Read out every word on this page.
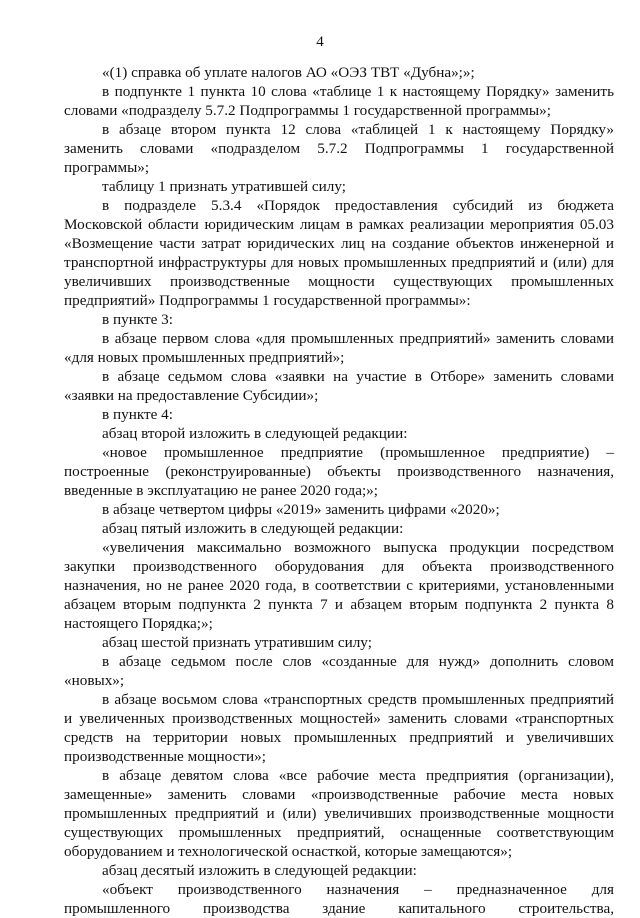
4

«(1) справка об уплате налогов АО «ОЭЗ ТВТ «Дубна»;»;

в подпункте 1 пункта 10 слова «таблице 1 к настоящему Порядку» заменить словами «подразделу 5.7.2 Подпрограммы 1 государственной программы»;

в абзаце втором пункта 12 слова «таблицей 1 к настоящему Порядку» заменить словами «подразделом 5.7.2 Подпрограммы 1 государственной программы»;

таблицу 1 признать утратившей силу;

в подразделе 5.3.4 «Порядок предоставления субсидий из бюджета Московской области юридическим лицам в рамках реализации мероприятия 05.03 «Возмещение части затрат юридических лиц на создание объектов инженерной и транспортной инфраструктуры для новых промышленных предприятий и (или) для увеличивших производственные мощности существующих промышленных предприятий» Подпрограммы 1 государственной программы»:

в пункте 3:

в абзаце первом слова «для промышленных предприятий» заменить словами «для новых промышленных предприятий»;

в абзаце седьмом слова «заявки на участие в Отборе» заменить словами «заявки на предоставление Субсидии»;

в пункте 4:

абзац второй изложить в следующей редакции:

«новое промышленное предприятие (промышленное предприятие) – построенные (реконструированные) объекты производственного назначения, введенные в эксплуатацию не ранее 2020 года;»;

в абзаце четвертом цифры «2019» заменить цифрами «2020»;

абзац пятый изложить в следующей редакции:

«увеличения максимально возможного выпуска продукции посредством закупки производственного оборудования для объекта производственного назначения, но не ранее 2020 года, в соответствии с критериями, установленными абзацем вторым подпункта 2 пункта 7 и абзацем вторым подпункта 2 пункта 8 настоящего Порядка;»;

абзац шестой признать утратившим силу;

в абзаце седьмом после слов «созданные для нужд» дополнить словом «новых»;

в абзаце восьмом слова «транспортных средств промышленных предприятий и увеличенных производственных мощностей» заменить словами «транспортных средств на территории новых промышленных предприятий и увеличивших производственные мощности»;

в абзаце девятом слова «все рабочие места предприятия (организации), замещенные» заменить словами «производственные рабочие места новых промышленных предприятий и (или) увеличивших производственные мощности существующих промышленных предприятий, оснащенные соответствующим оборудованием и технологической оснасткой, которые замещаются»;

абзац десятый изложить в следующей редакции:

«объект производственного назначения – предназначенное для промышленного производства здание капитального строительства,
